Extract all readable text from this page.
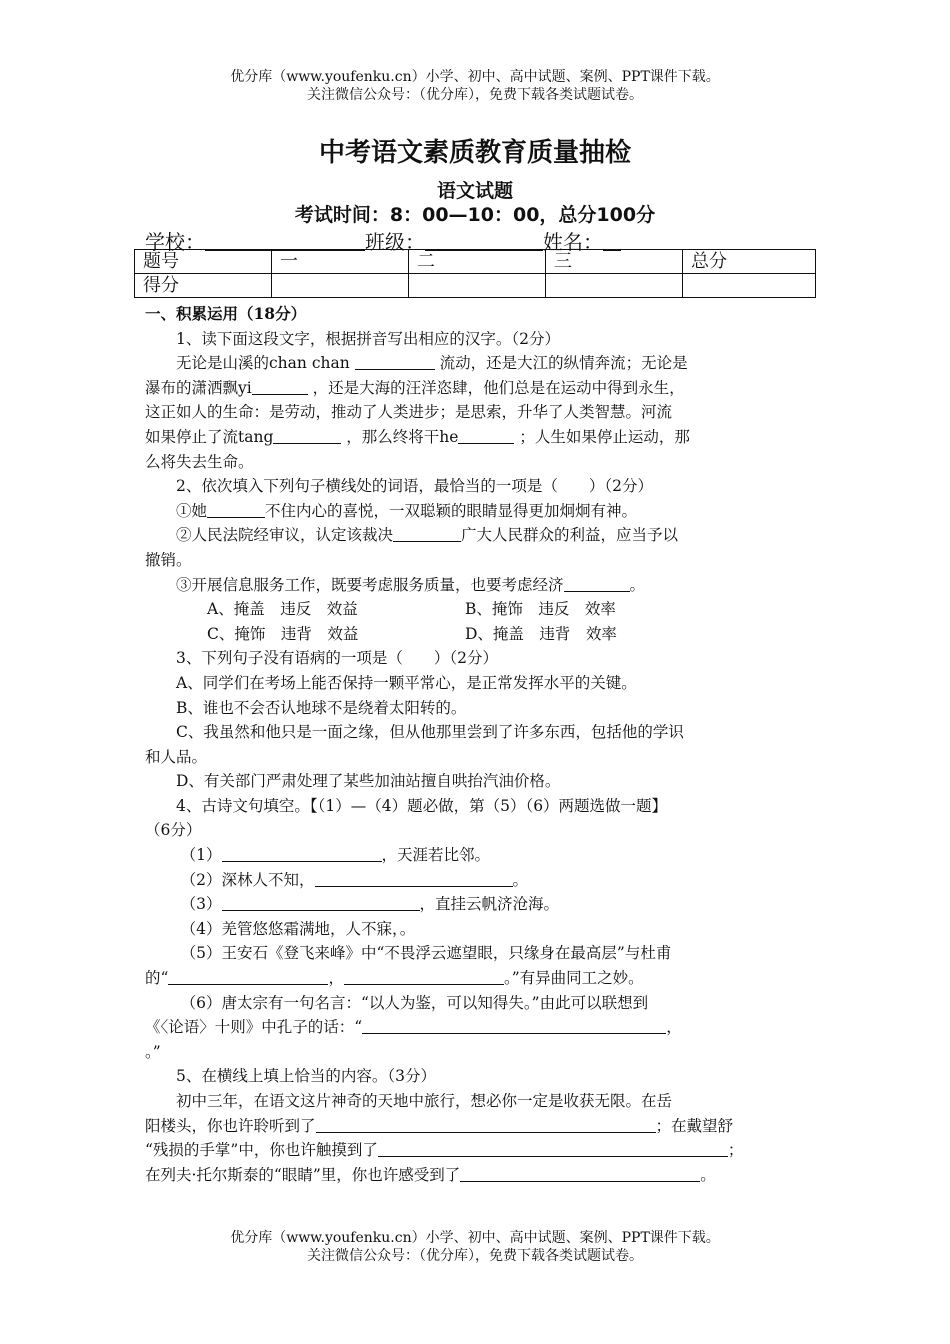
优分库（www.youfenku.cn）小学、初中、高中试题、案例、PPT课件下载。
关注微信公众号：（优分库），免费下载各类试题试卷。
中考语文素质教育质量抽检
语文试题
考试时间：8：00—10：00，总分100分
学校：	班级：	姓名：
题号	一	二	三	总分
得分				

一、积累运用（18分）

1、读下面这段文字，根据拼音写出相应的汉字。（2分）

无论是山溪的chan chan	流动，还是大江的纵情奔流；无论是

瀑布的潇洒飘yi	，还是大海的汪洋恣肆，他们总是在运动中得到永生，

这正如人的生命：是劳动，推动了人类进步；是思索，升华了人类智慧。河流

如果停止了流tang	，那么终将干he	；人生如果停止运动，那

么将失去生命。

2、依次填入下列句子横线处的词语，最恰当的一项是（　　）（2分）

①她	不住内心的喜悦，一双聪颖的眼睛显得更加炯炯有神。

②人民法院经审议，认定该裁决	广大人民群众的利益，应当予以

撤销。

③开展信息服务工作，既要考虑服务质量，也要考虑经济	。

A、掩盖　违反　效益	B、掩饰　违反　效率

C、掩饰　违背　效益	D、掩盖　违背　效率

3、下列句子没有语病的一项是（　　）（2分）

A、同学们在考场上能否保持一颗平常心，是正常发挥水平的关键。

B、谁也不会否认地球不是绕着太阳转的。

C、我虽然和他只是一面之缘，但从他那里尝到了许多东西，包括他的学识

和人品。

D、有关部门严肃处理了某些加油站擅自哄抬汽油价格。

4、古诗文句填空。【（1）—（4）题必做，第（5）（6）两题选做一题】

（6分）

（1）	，天涯若比邻。

（2）深林人不知，	。

（3）	，直挂云帆济沧海。

（4）羌管悠悠霜满地，人不寐，。

（5）王安石《登飞来峰》中“不畏浮云遮望眼，只缘身在最高层”与杜甫

的“	，	。”有异曲同工之妙。

（6）唐太宗有一句名言：“以人为鉴，可以知得失。”由此可以联想到

《〈论语〉十则》中孔子的话：“	，

。”

5、在横线上填上恰当的内容。（3分）

初中三年，在语文这片神奇的天地中旅行，想必你一定是收获无限。在岳

阳楼头，你也许聆听到了	；在戴望舒

“残损的手掌”中，你也许触摸到了	；

在列夫·托尔斯泰的“眼睛”里，你也许感受到了	。

优分库（www.youfenku.cn）小学、初中、高中试题、案例、PPT课件下载。
关注微信公众号：（优分库），免费下载各类试题试卷。
